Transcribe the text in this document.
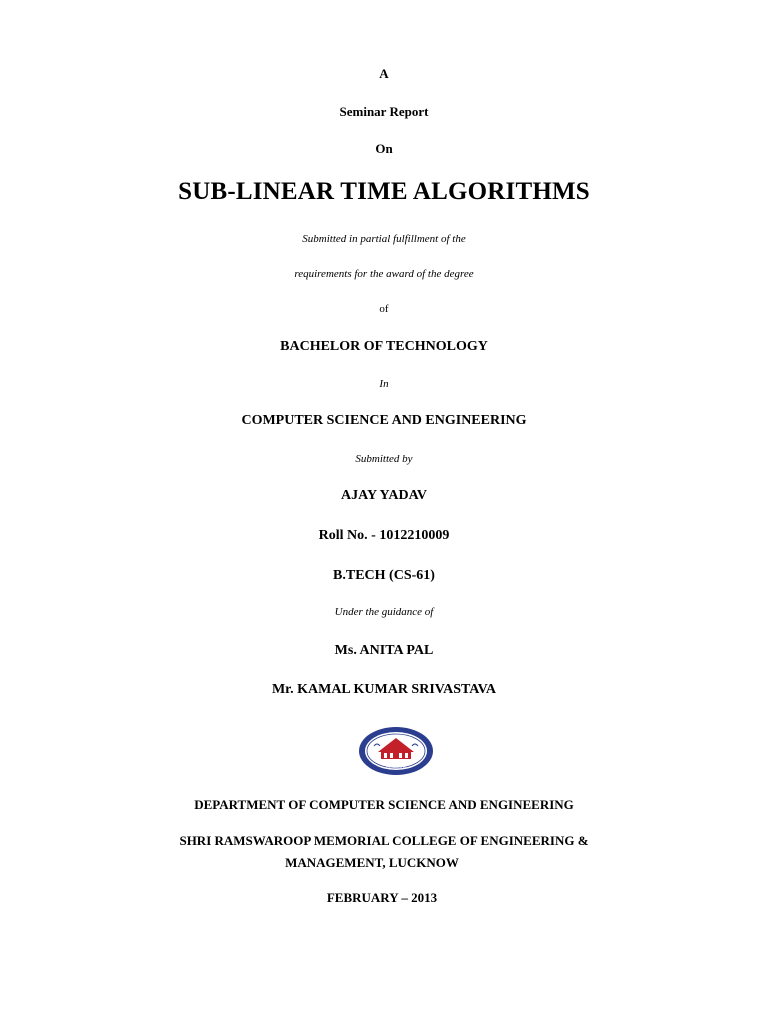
A
Seminar Report
On
SUB-LINEAR TIME ALGORITHMS
Submitted in partial fulfillment of the
requirements for the award of the degree
of
BACHELOR OF TECHNOLOGY
In
COMPUTER SCIENCE AND ENGINEERING
Submitted by
AJAY YADAV
Roll No. - 1012210009
B.TECH (CS-61)
Under the guidance of
Ms. ANITA PAL
Mr. KAMAL KUMAR SRIVASTAVA
LUCKNOW
DEPARTMENT OF COMPUTER SCIENCE AND ENGINEERING
SHRI RAMSWAROOP MEMORIAL COLLEGE OF ENGINEERING &
MANAGEMENT, LUCKNOW
FEBRUARY – 2013
